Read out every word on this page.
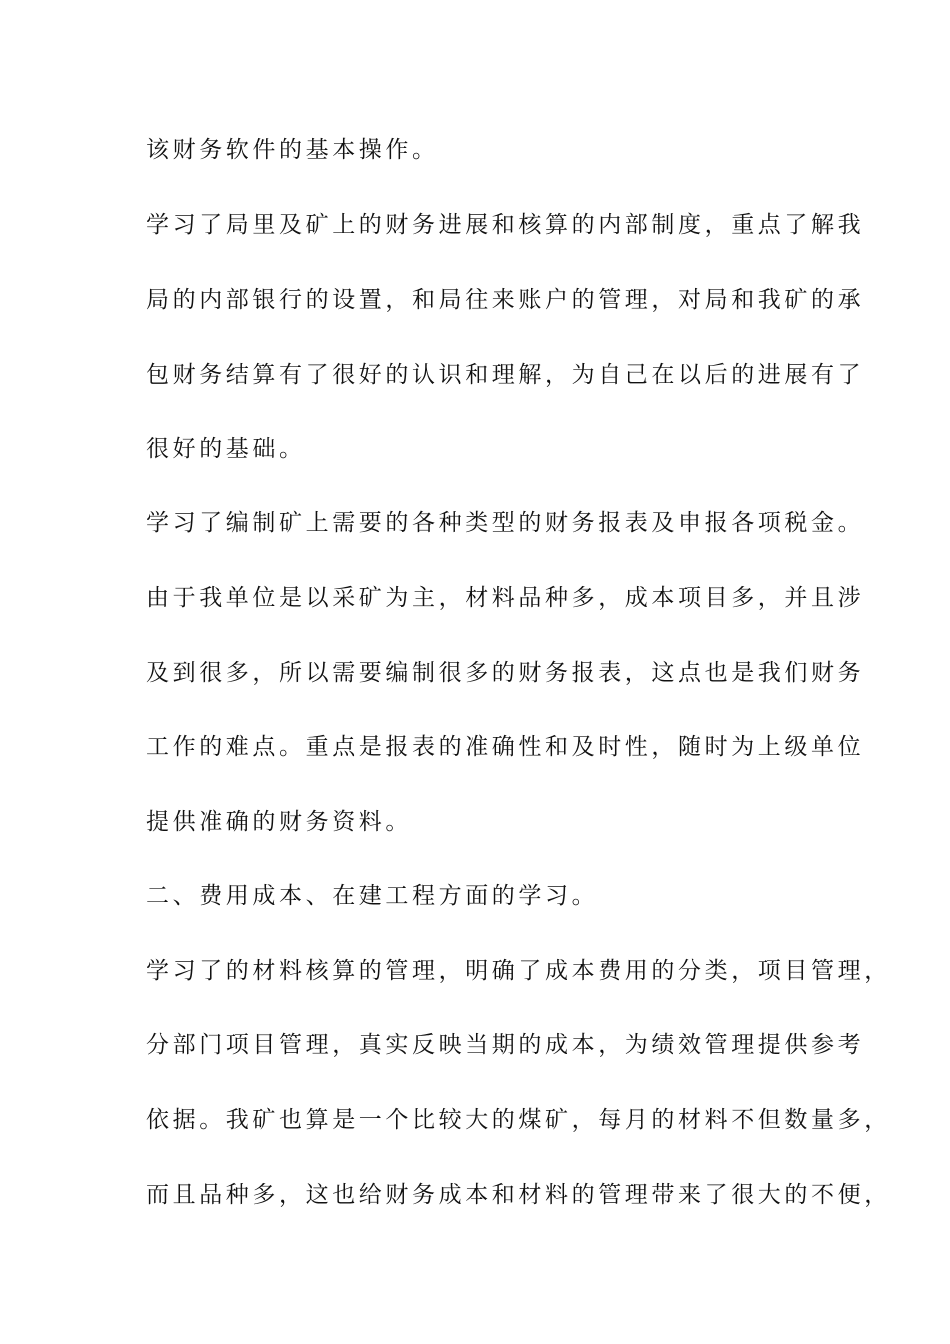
该财务软件的基本操作。
学习了局里及矿上的财务进展和核算的内部制度，重点了解我
局的内部银行的设置，和局往来账户的管理，对局和我矿的承
包财务结算有了很好的认识和理解，为自己在以后的进展有了
很好的基础。
学习了编制矿上需要的各种类型的财务报表及申报各项税金。
由于我单位是以采矿为主，材料品种多，成本项目多，并且涉
及到很多，所以需要编制很多的财务报表，这点也是我们财务
工作的难点。重点是报表的准确性和及时性，随时为上级单位
提供准确的财务资料。
二、费用成本、在建工程方面的学习。
学习了的材料核算的管理，明确了成本费用的分类，项目管理，
分部门项目管理，真实反映当期的成本，为绩效管理提供参考
依据。我矿也算是一个比较大的煤矿，每月的材料不但数量多，
而且品种多，这也给财务成本和材料的管理带来了很大的不便，
